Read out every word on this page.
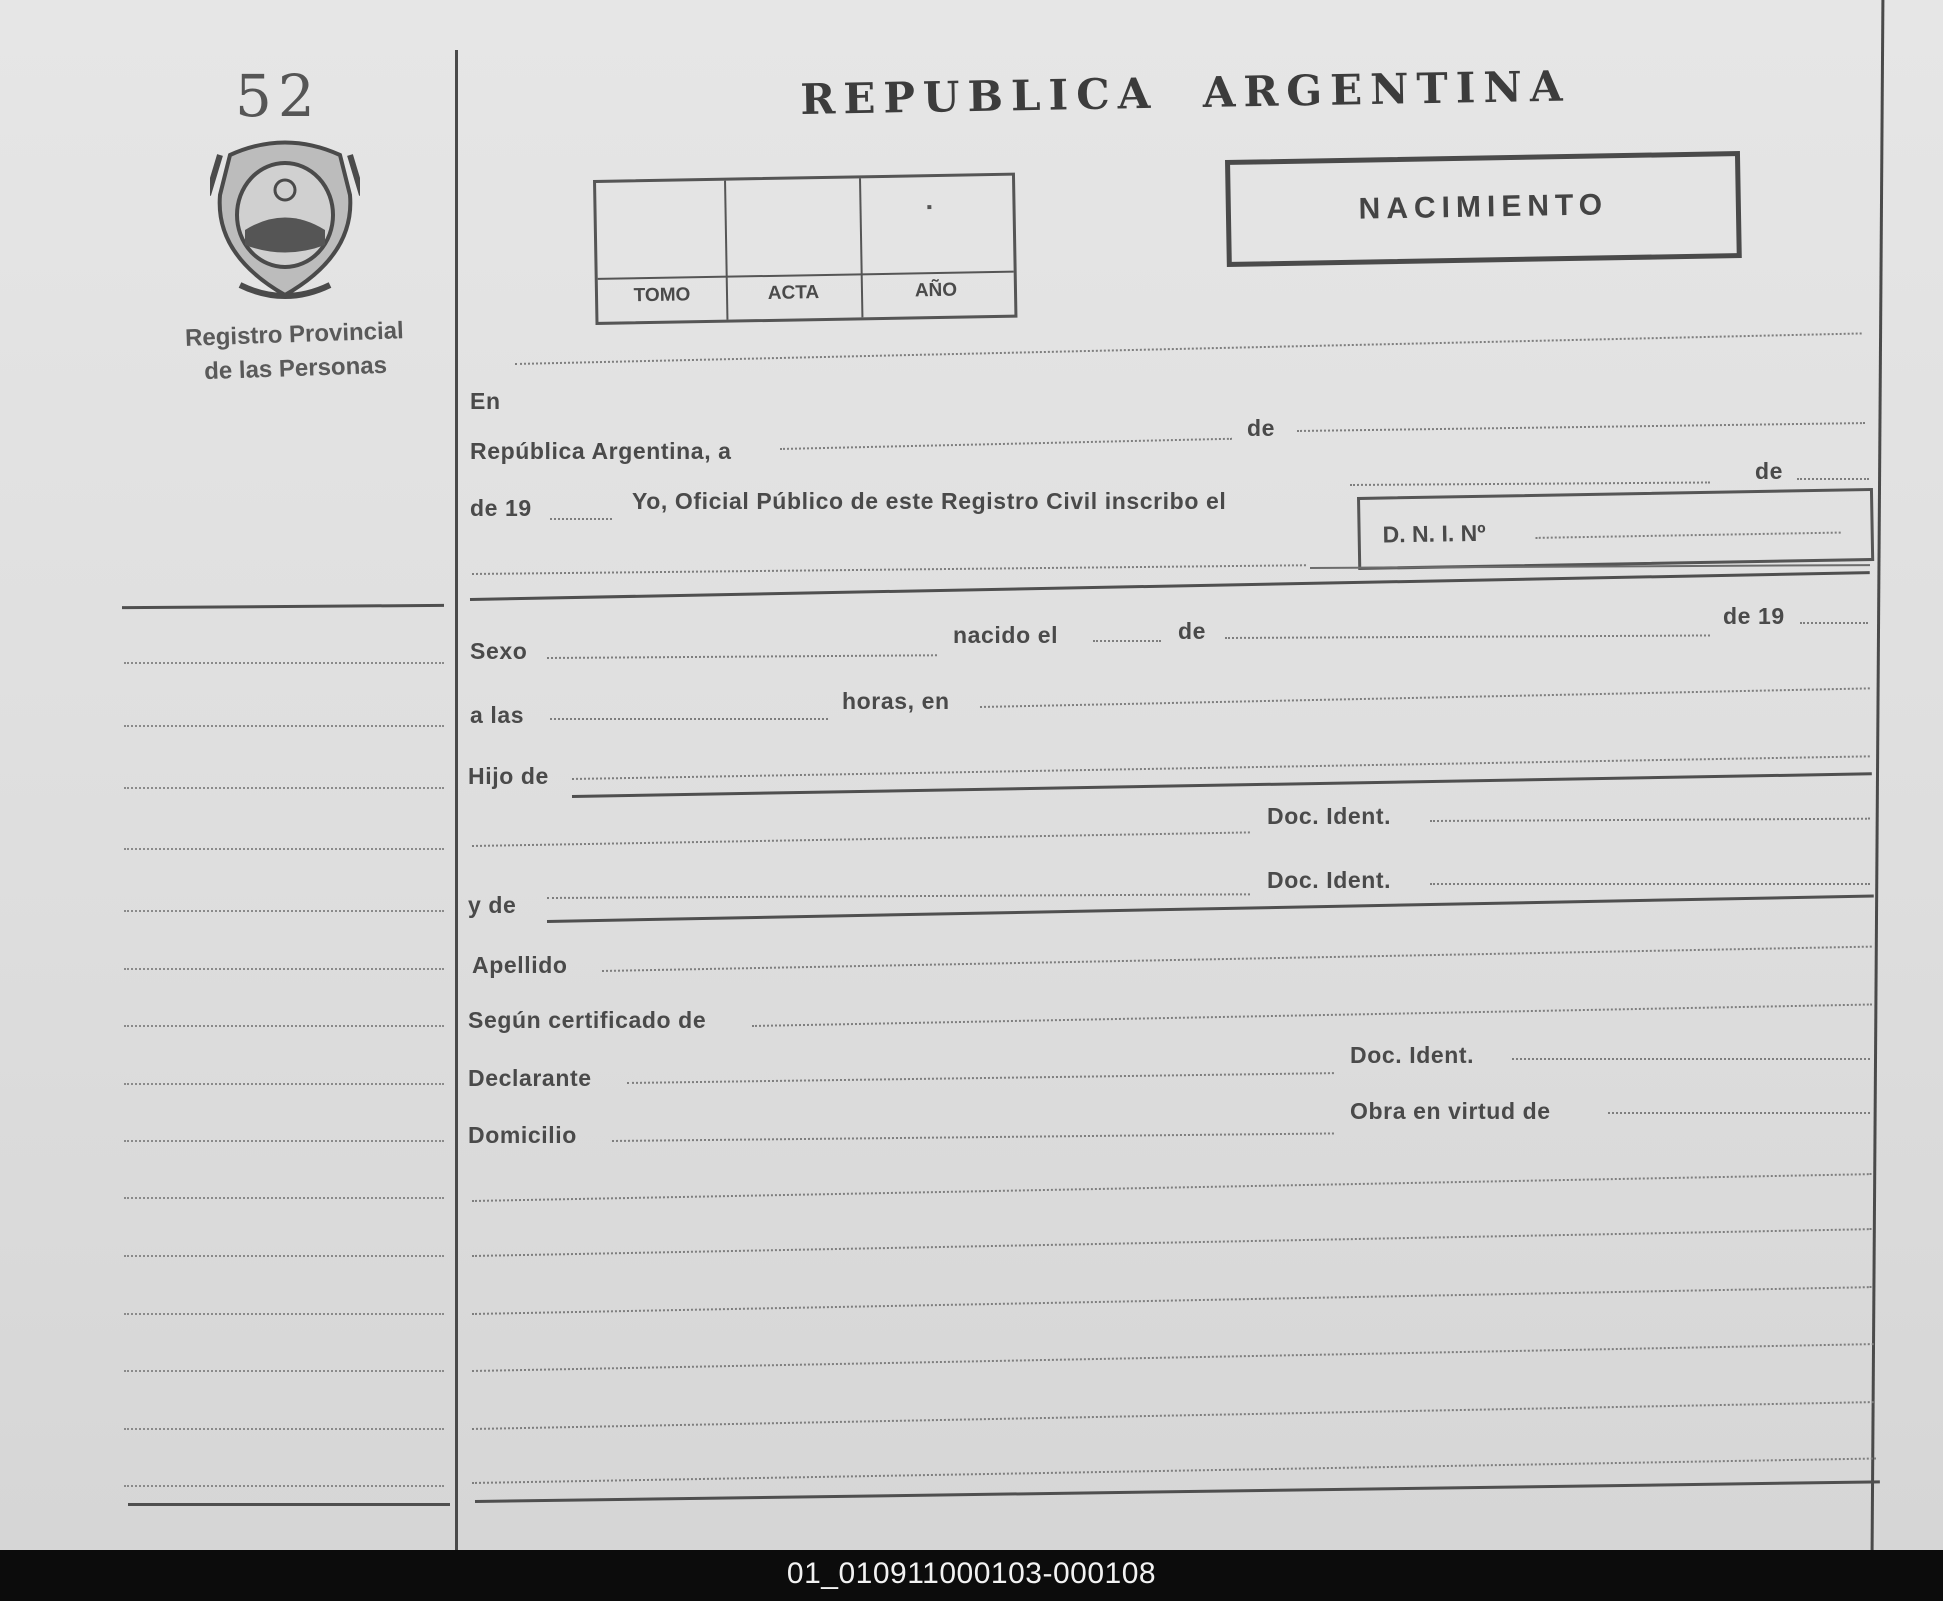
52
Registro Provincial
de las Personas
REPUBLICA ARGENTINA
▪
TOMO	ACTA	AÑO
NACIMIENTO
En
República Argentina, a
de
de 19	Yo, Oficial Público de este Registro Civil inscribo el
de
D. N. I. Nº
Sexo
nacido el	de
de 19
a las
horas, en
Hijo de
Doc. Ident.
y de
Doc. Ident.
Apellido
Según certificado de
Declarante
Doc. Ident.
Domicilio
Obra en virtud de
01_010911000103-000108
